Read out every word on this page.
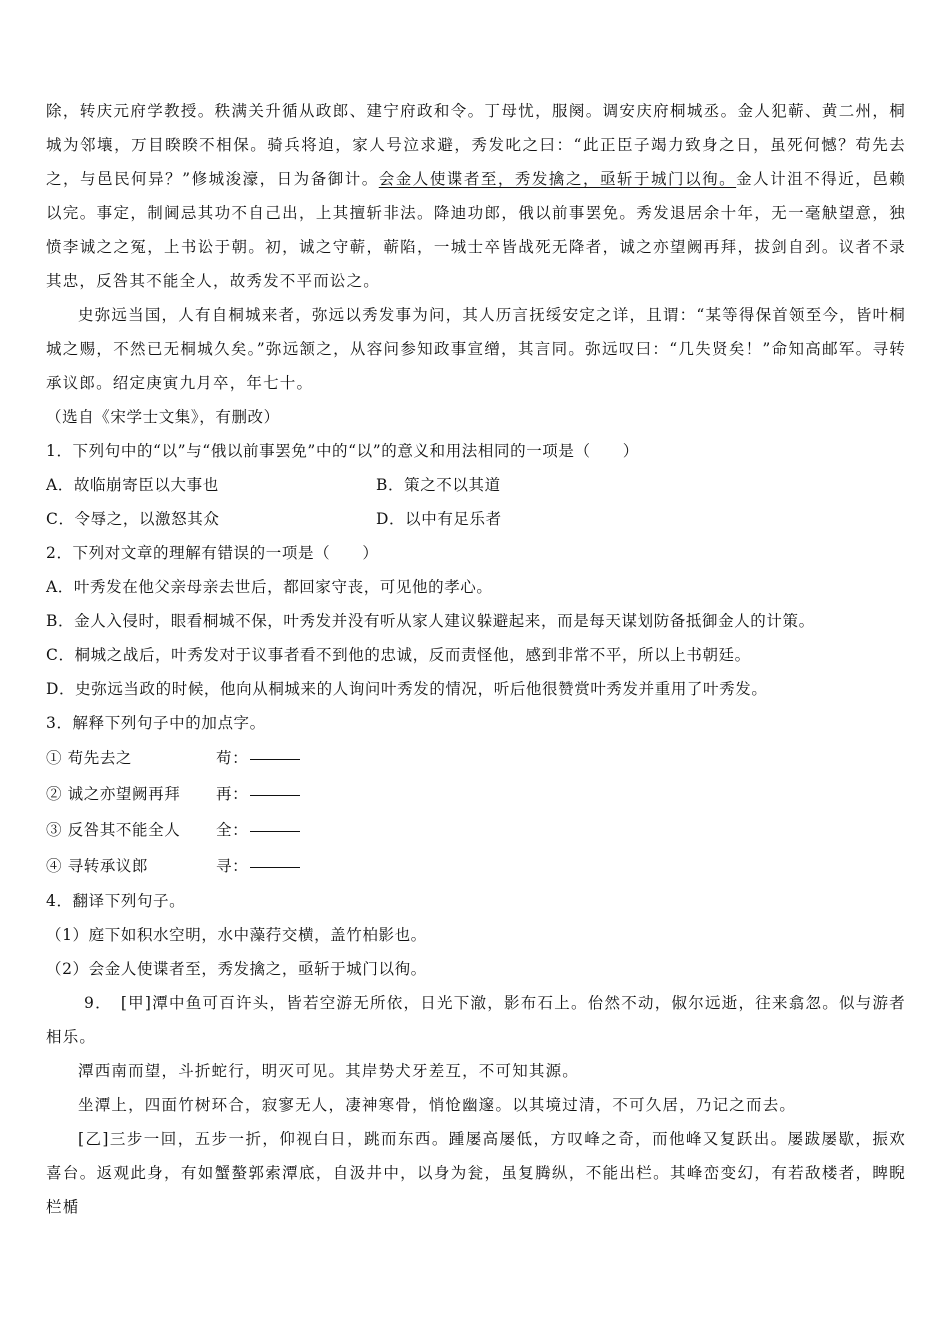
除，转庆元府学教授。秩满关升循从政郎、建宁府政和令。丁母忧，服阕。调安庆府桐城丞。金人犯蕲、黄二州，桐城为邻壤，万目睽睽不相保。骑兵将迫，家人号泣求避，秀发叱之曰：“此正臣子竭力致身之日，虽死何憾？苟先去之，与邑民何异？”修城浚濠，日为备御计。会金人使谍者至，秀发擒之，亟斩于城门以徇。金人计沮不得近，邑赖以完。事定，制阃忌其功不自己出，上其擅斩非法。降迪功郎，俄以前事罢免。秀发退居余十年，无一毫觖望意，独愤李诚之之冤，上书讼于朝。初，诚之守蕲，蕲陷，一城士卒皆战死无降者，诚之亦望阙再拜，拔剑自刭。议者不录其忠，反咎其不能全人，故秀发不平而讼之。

史弥远当国，人有自桐城来者，弥远以秀发事为问，其人历言抚绥安定之详，且谓：“某等得保首领至今，皆叶桐城之赐，不然已无桐城久矣。”弥远颔之，从容问参知政事宣缯，其言同。弥远叹曰：“几失贤矣！”命知高邮军。寻转承议郎。绍定庚寅九月卒，年七十。

（选自《宋学士文集》，有删改）
1．下列句中的“以”与“俄以前事罢免”中的“以”的意义和用法相同的一项是（　　）
A．故临崩寄臣以大事也	B．策之不以其道
C．令辱之，以激怒其众	D．以中有足乐者
2．下列对文章的理解有错误的一项是（　　）
A．叶秀发在他父亲母亲去世后，都回家守丧，可见他的孝心。
B．金人入侵时，眼看桐城不保，叶秀发并没有听从家人建议躲避起来，而是每天谋划防备抵御金人的计策。
C．桐城之战后，叶秀发对于议事者看不到他的忠诚，反而责怪他，感到非常不平，所以上书朝廷。
D．史弥远当政的时候，他向从桐城来的人询问叶秀发的情况，听后他很赞赏叶秀发并重用了叶秀发。
3．解释下列句子中的加点字。
① 苟先去之	苟：
② 诚之亦望阙再拜 再：
③ 反咎其不能全人 全：
④ 寻转承议郎	寻：
4．翻译下列句子。
（1）庭下如积水空明，水中藻荇交横，盖竹柏影也。
（2）会金人使谍者至，秀发擒之，亟斩于城门以徇。

9．　[甲]潭中鱼可百许头，皆若空游无所依，日光下澈，影布石上。佁然不动，俶尔远逝，往来翕忽。似与游者相乐。

潭西南而望，斗折蛇行，明灭可见。其岸势犬牙差互，不可知其源。

坐潭上，四面竹树环合，寂寥无人，凄神寒骨，悄怆幽邃。以其境过清，不可久居，乃记之而去。

[乙]三步一回，五步一折，仰视白日，跳而东西。踵屡高屡低，方叹峰之奇，而他峰又复跃出。屡跋屡歇，振欢喜台。返观此身，有如蟹螯郭索潭底，自汲井中，以身为瓮，虽复腾纵，不能出栏。其峰峦变幻，有若敌楼者，睥睨栏楯
